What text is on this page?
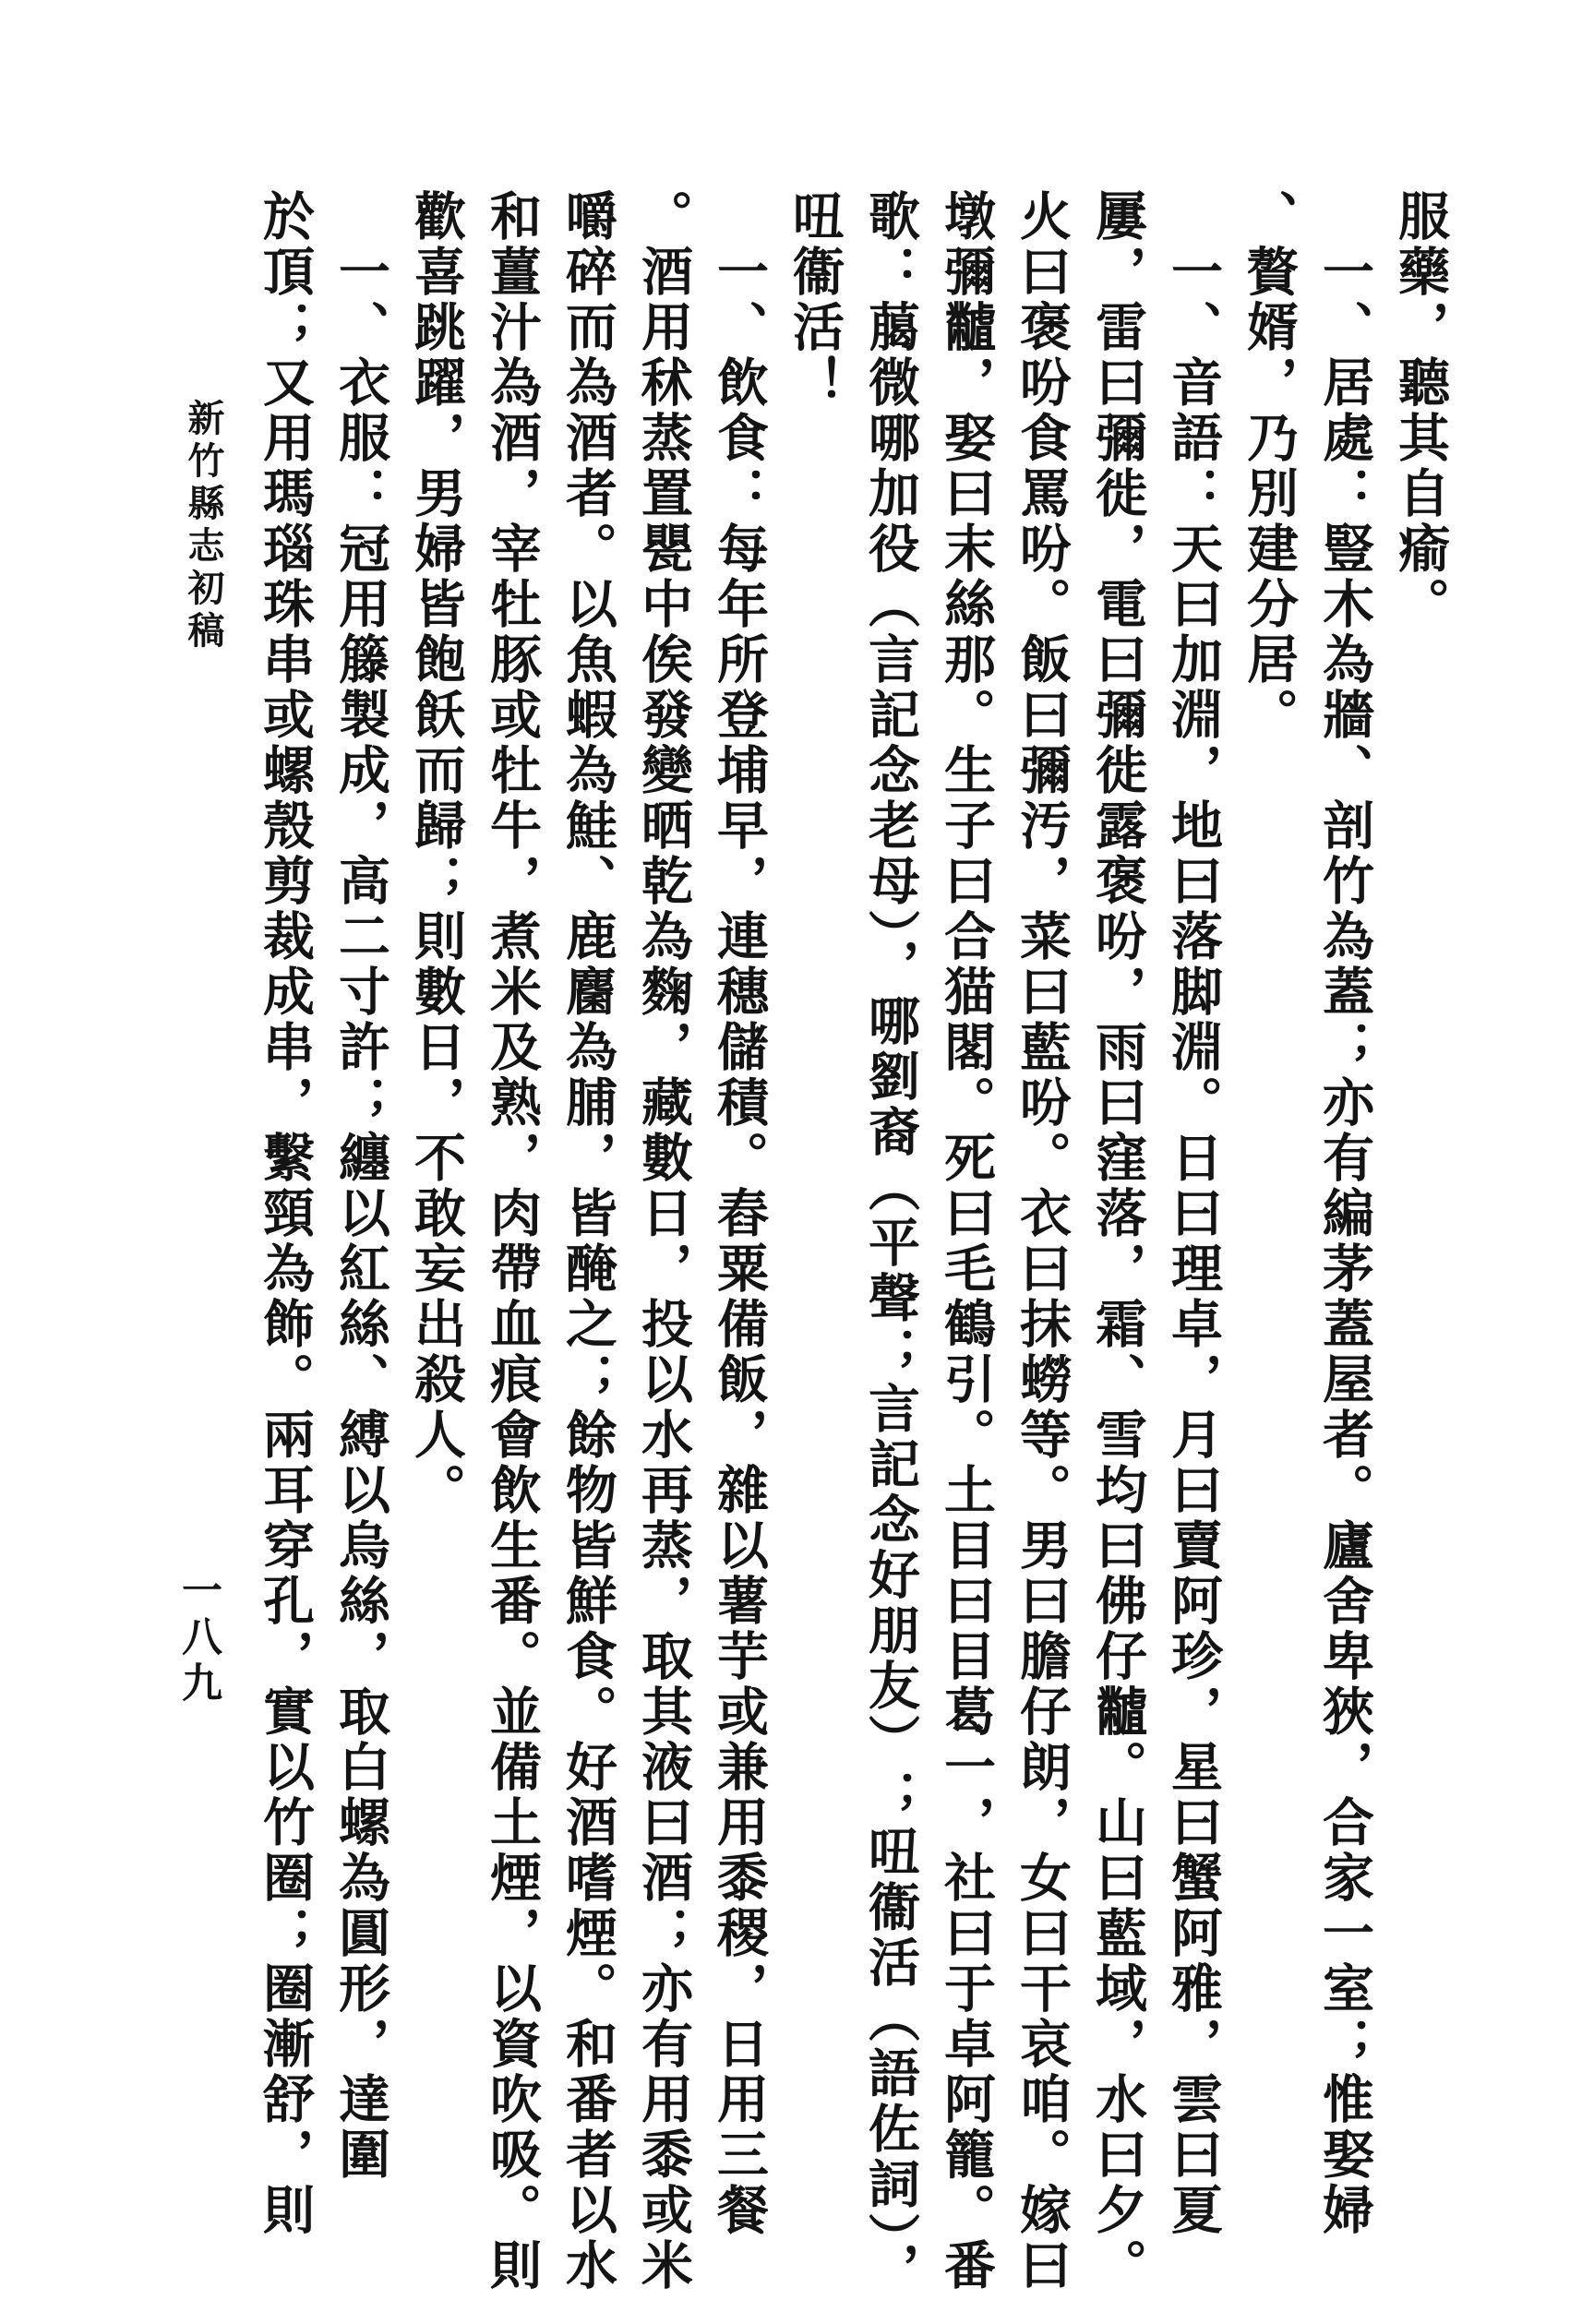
服藥，聽其自瘉。

　一、居處：豎木為牆、剖竹為蓋；亦有編茅蓋屋者。廬舍卑狹，合家一室；惟娶婦

、贅婿，乃別建分居。

　一、音語：天曰加淵，地曰落脚淵。日曰理卓，月曰賣阿珍，星曰蟹阿雅，雲曰夏

屢，雷曰彌徙，電曰彌徙露褒吩，雨曰窪落，霜、雪均曰佛仔𪓐。山曰藍域，水曰夕。

火曰褒吩食罵吩。飯曰彌汚，菜曰藍吩。衣曰抹蟧等。男曰膽仔朗，女曰干哀咱。嫁曰

墩彌𪓐，娶曰末絲那。生子曰合猫閣。死曰毛鶴引。土目曰目葛一，社曰于卓阿籠。番

歌：﨟微哪加役（言記念老母），哪劉裔（平聲；言記念好朋友）；吜衞活（語佐詞），

吜衞活！

　一、飲食：每年所登埔早，連穗儲積。舂粟備飯，雜以薯芋或兼用黍稷，日用三餐

。酒用秫蒸置甖中俟發變晒乾為麴，藏數日，投以水再蒸，取其液曰酒；亦有用黍或米

嚼碎而為酒者。以魚蝦為鮭、鹿麕為脯，皆醃之；餘物皆鮮食。好酒嗜煙。和番者以水

和薑汁為酒，宰牡豚或牡牛，煮米及熟，肉帶血痕會飲生番。並備土煙，以資吹吸。則

歡喜跳躍，男婦皆飽飫而歸；則數日，不敢妄出殺人。

　一、衣服：冠用籐製成，高二寸許；纏以紅絲、縛以烏絲，取白螺為圓形，達圍

於頂；又用瑪瑙珠串或螺殼剪裁成串，繫頸為飾。兩耳穿孔，實以竹圈；圈漸舒，則

新竹縣志初稿
一八九
